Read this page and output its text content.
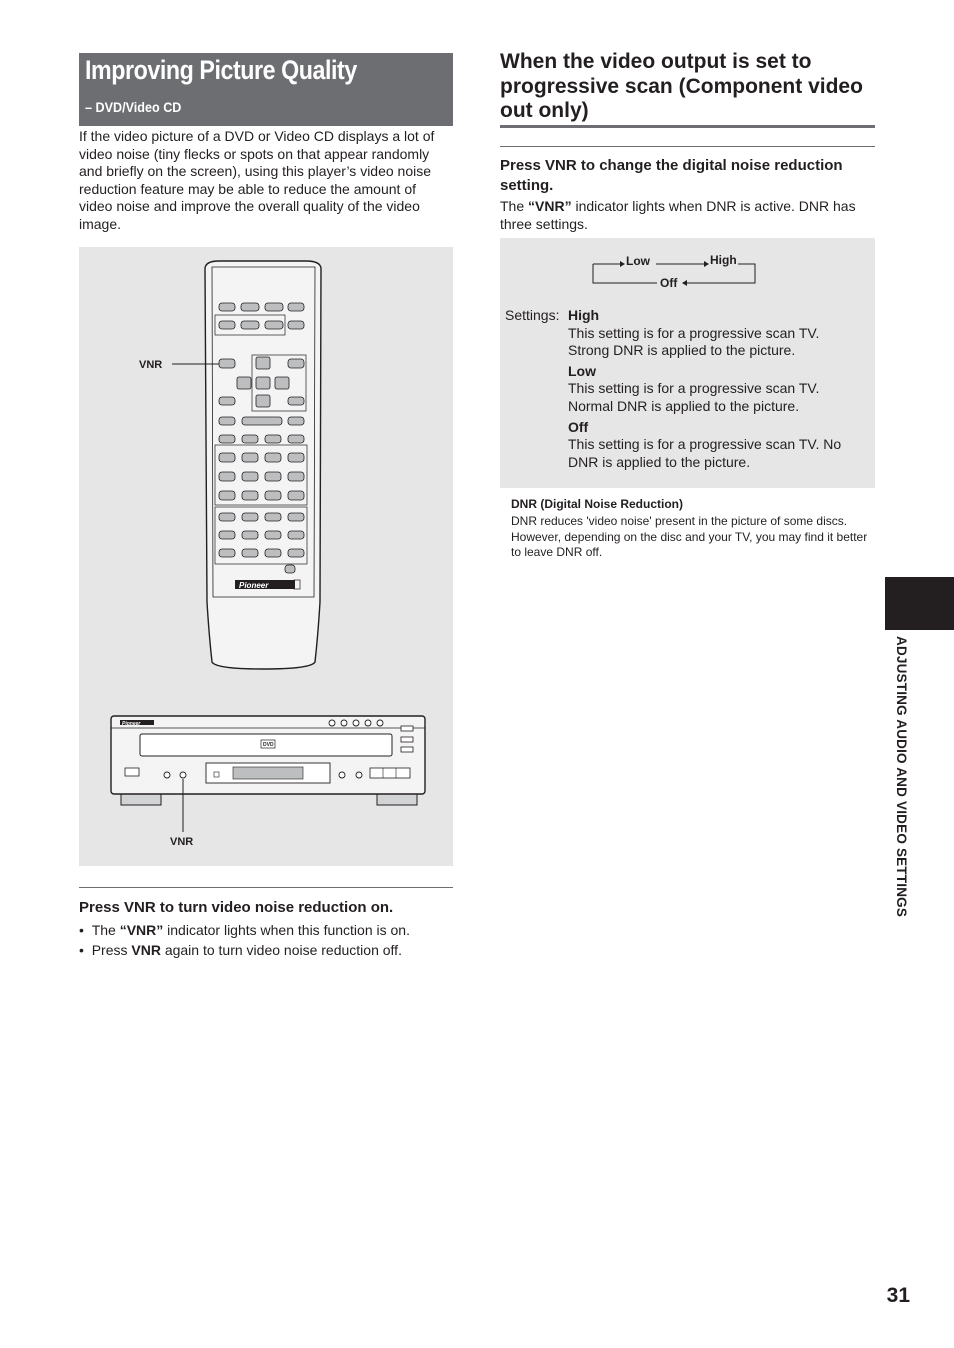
Improving Picture Quality
– DVD/Video CD
If the video picture of a DVD or Video CD displays a lot of video noise (tiny flecks or spots on that appear randomly and briefly on the screen), using this player’s video noise reduction feature may be able to reduce the amount of video noise and improve the overall quality of the video image.
VNR
VNR
Pioneer
Pioneer
DVD
Press VNR to turn video noise reduction on.
•  The “VNR” indicator lights when this function is on.
•  Press VNR again to turn video noise reduction off.
When the video output is set to progressive scan (Component video out only)
Press VNR to change the digital noise reduction setting.
The “VNR” indicator lights when DNR is active. DNR has three settings.
Low	High
Off
Settings: High
This setting is for a progressive scan TV. Strong DNR is applied to the picture.
Low
This setting is for a progressive scan TV. Normal DNR is applied to the picture.
Off
This setting is for a progressive scan TV. No DNR is applied to the picture.
DNR (Digital Noise Reduction)
DNR reduces 'video noise' present in the picture of some discs. However, depending on the disc and your TV, you may find it better to leave DNR off.
ADJUSTING AUDIO AND VIDEO SETTINGS
31
